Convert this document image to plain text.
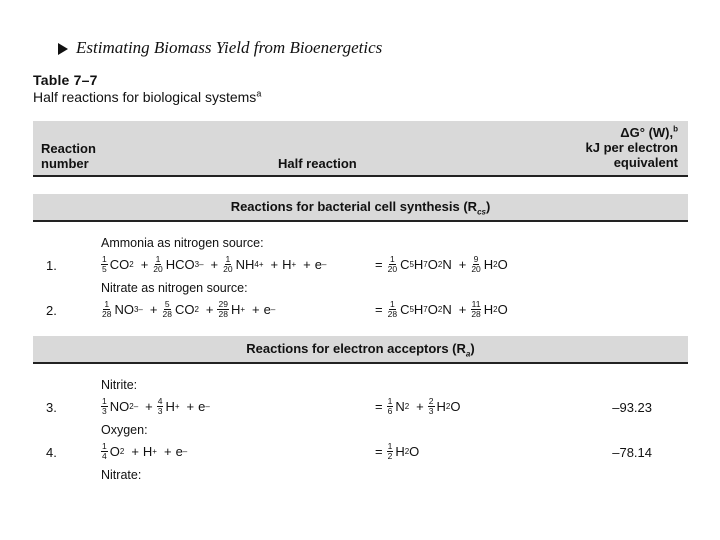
Estimating Biomass Yield from Bioenergetics
Table 7–7
Half reactions for biological systems$^a$
Reaction
number	Half reaction
ΔG° (W),$^b$
kJ per electron
equivalent
Reactions for bacterial cell synthesis $(R_{cs})$
Ammonia as nitrogen source:
1.	$\frac{1}{5}$ CO $2 + \frac{1}{20}$ HCO 3 – + $\frac{1}{20}$ NH 4 + + H + + e –	= $\frac{1}{20}$ C 5 H 7 O 2 $N + \frac{9}{20}$ H 2 O
Nitrate as nitrogen source:
2.	$\frac{1}{28}$ NO 3 – + $\frac{5}{28}$ CO $2 + \frac{29}{28}$ H + + e –	= $\frac{1}{28}$ C 5 H 7 O 2 $N + \frac{11}{28}$ H 2 O
Reactions for electron acceptors $(R_a)$
Nitrite:
3.	$\frac{1}{3}$ NO 2 – + $\frac{4}{3}$ H + + e –	= $\frac{1}{6}$ N $2 + \frac{2}{3}$ H 2 O	–93.23
Oxygen:
4.	$\frac{1}{4}$ O 2 + H + + e –	= $\frac{1}{2}$ H 2 O	–78.14
Nitrate:
